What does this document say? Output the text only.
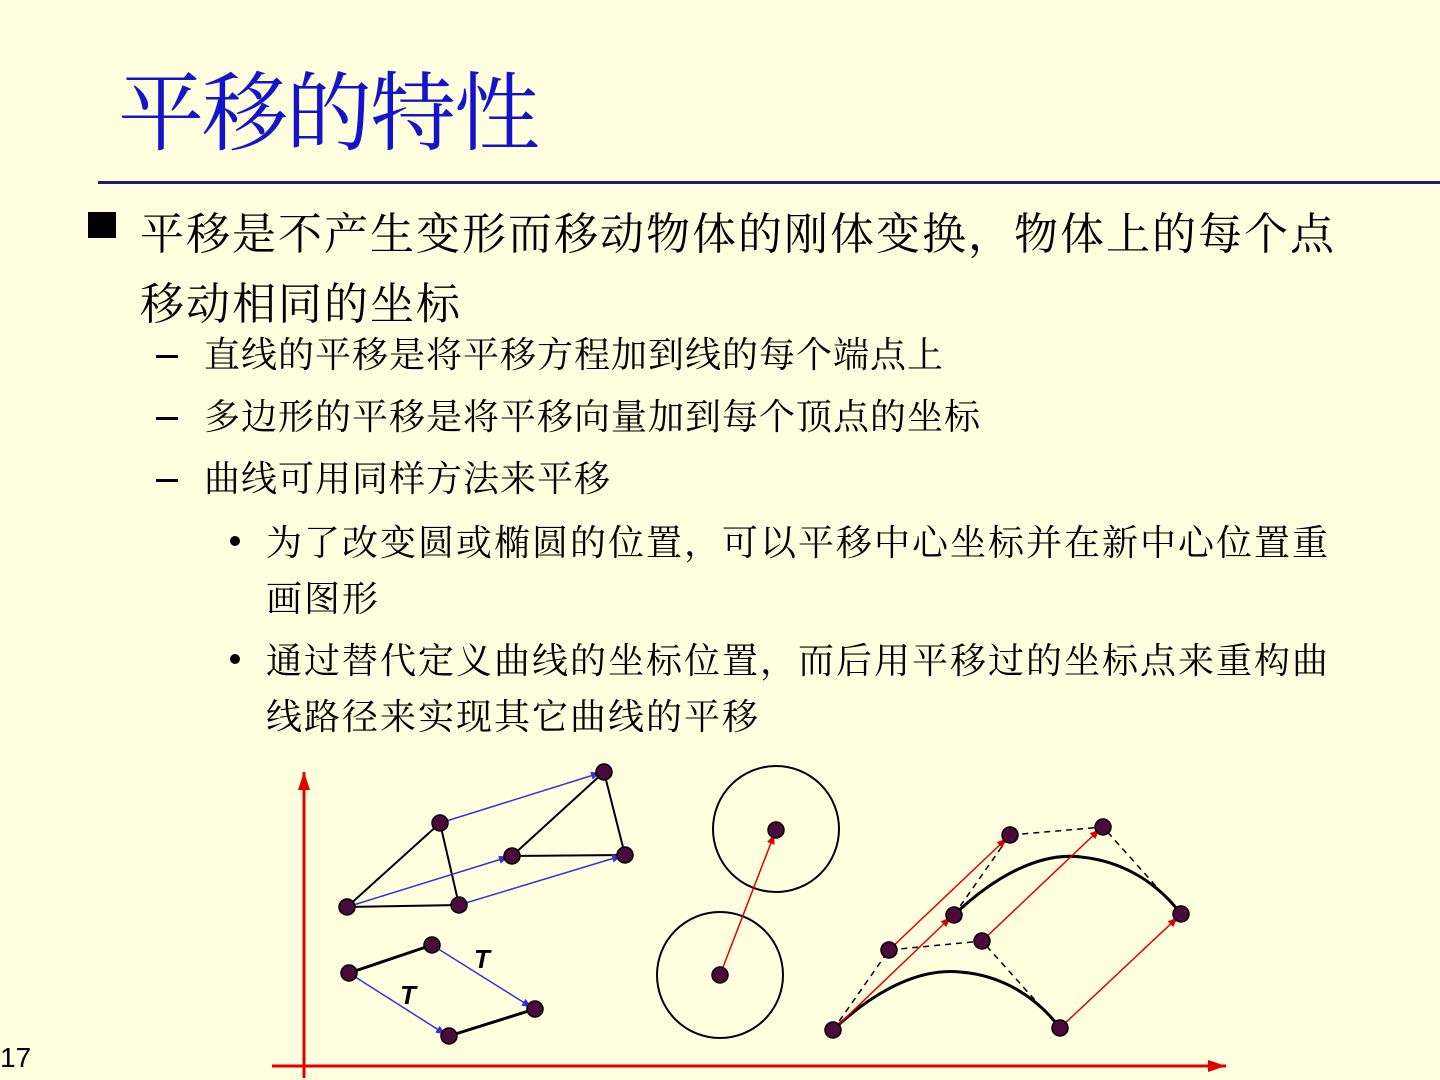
平移的特性
平移是不产生变形而移动物体的刚体变换，物体上的每个点移动相同的坐标
直线的平移是将平移方程加到线的每个端点上
多边形的平移是将平移向量加到每个顶点的坐标
曲线可用同样方法来平移
为了改变圆或椭圆的位置，可以平移中心坐标并在新中心位置重画图形
通过替代定义曲线的坐标位置，而后用平移过的坐标点来重构曲线路径来实现其它曲线的平移
17
T
T
